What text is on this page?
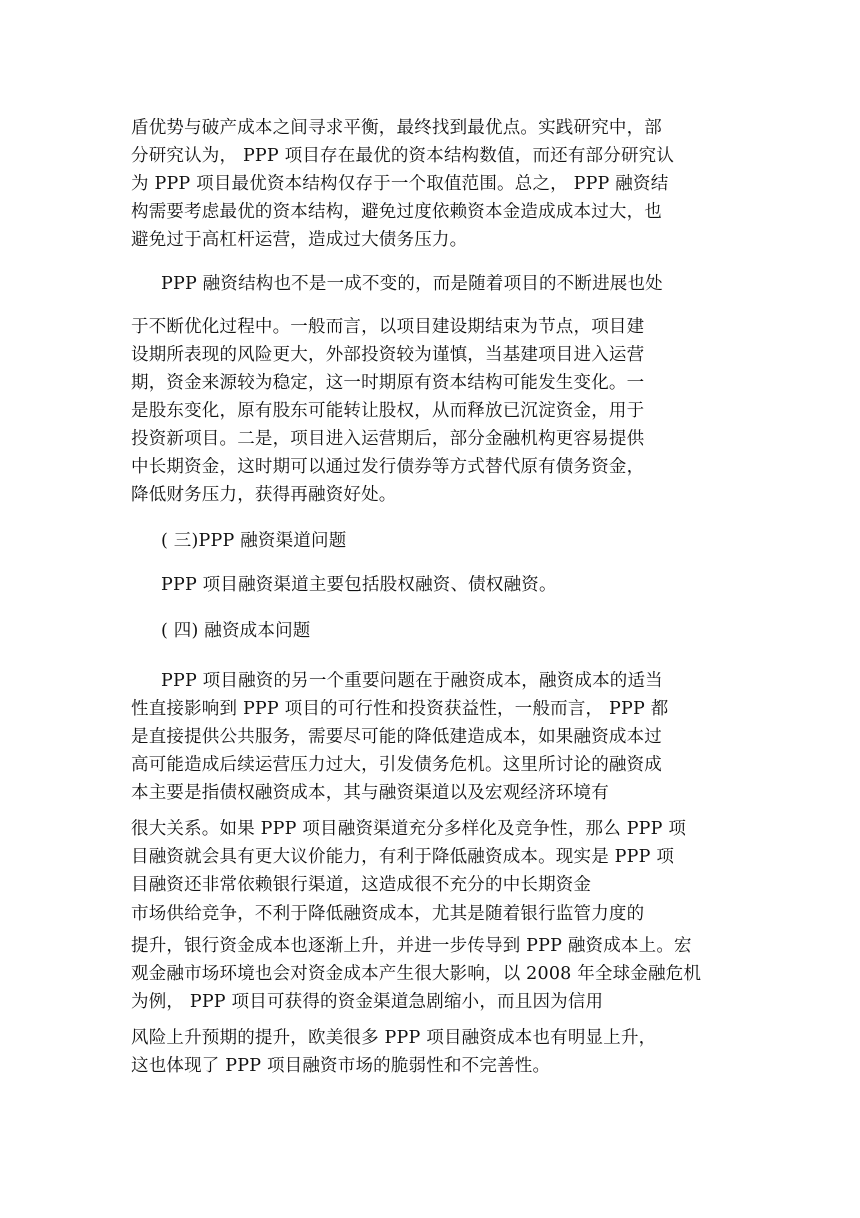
盾优势与破产成本之间寻求平衡，最终找到最优点。实践研究中，部
分研究认为， PPP 项目存在最优的资本结构数值，而还有部分研究认
为 PPP 项目最优资本结构仅存于一个取值范围。总之， PPP 融资结
构需要考虑最优的资本结构，避免过度依赖资本金造成成本过大，也
避免过于高杠杆运营，造成过大债务压力。
PPP 融资结构也不是一成不变的，而是随着项目的不断进展也处
于不断优化过程中。一般而言，以项目建设期结束为节点，项目建
设期所表现的风险更大，外部投资较为谨慎，当基建项目进入运营
期，资金来源较为稳定，这一时期原有资本结构可能发生变化。一
是股东变化，原有股东可能转让股权，从而释放已沉淀资金，用于
投资新项目。二是，项目进入运营期后，部分金融机构更容易提供
中长期资金，这时期可以通过发行债券等方式替代原有债务资金，
降低财务压力，获得再融资好处。
( 三)PPP 融资渠道问题
PPP 项目融资渠道主要包括股权融资、债权融资。
( 四) 融资成本问题
PPP 项目融资的另一个重要问题在于融资成本，融资成本的适当
性直接影响到 PPP 项目的可行性和投资获益性，一般而言， PPP 都
是直接提供公共服务，需要尽可能的降低建造成本，如果融资成本过
高可能造成后续运营压力过大，引发债务危机。这里所讨论的融资成
本主要是指债权融资成本，其与融资渠道以及宏观经济环境有
很大关系。如果 PPP 项目融资渠道充分多样化及竞争性，那么 PPP 项
目融资就会具有更大议价能力，有利于降低融资成本。现实是 PPP 项
目融资还非常依赖银行渠道，这造成很不充分的中长期资金
市场供给竞争，不利于降低融资成本，尤其是随着银行监管力度的
提升，银行资金成本也逐渐上升，并进一步传导到 PPP 融资成本上。宏
观金融市场环境也会对资金成本产生很大影响，以 2008 年全球金融危机
为例， PPP 项目可获得的资金渠道急剧缩小，而且因为信用
风险上升预期的提升，欧美很多 PPP 项目融资成本也有明显上升，
这也体现了 PPP 项目融资市场的脆弱性和不完善性。
